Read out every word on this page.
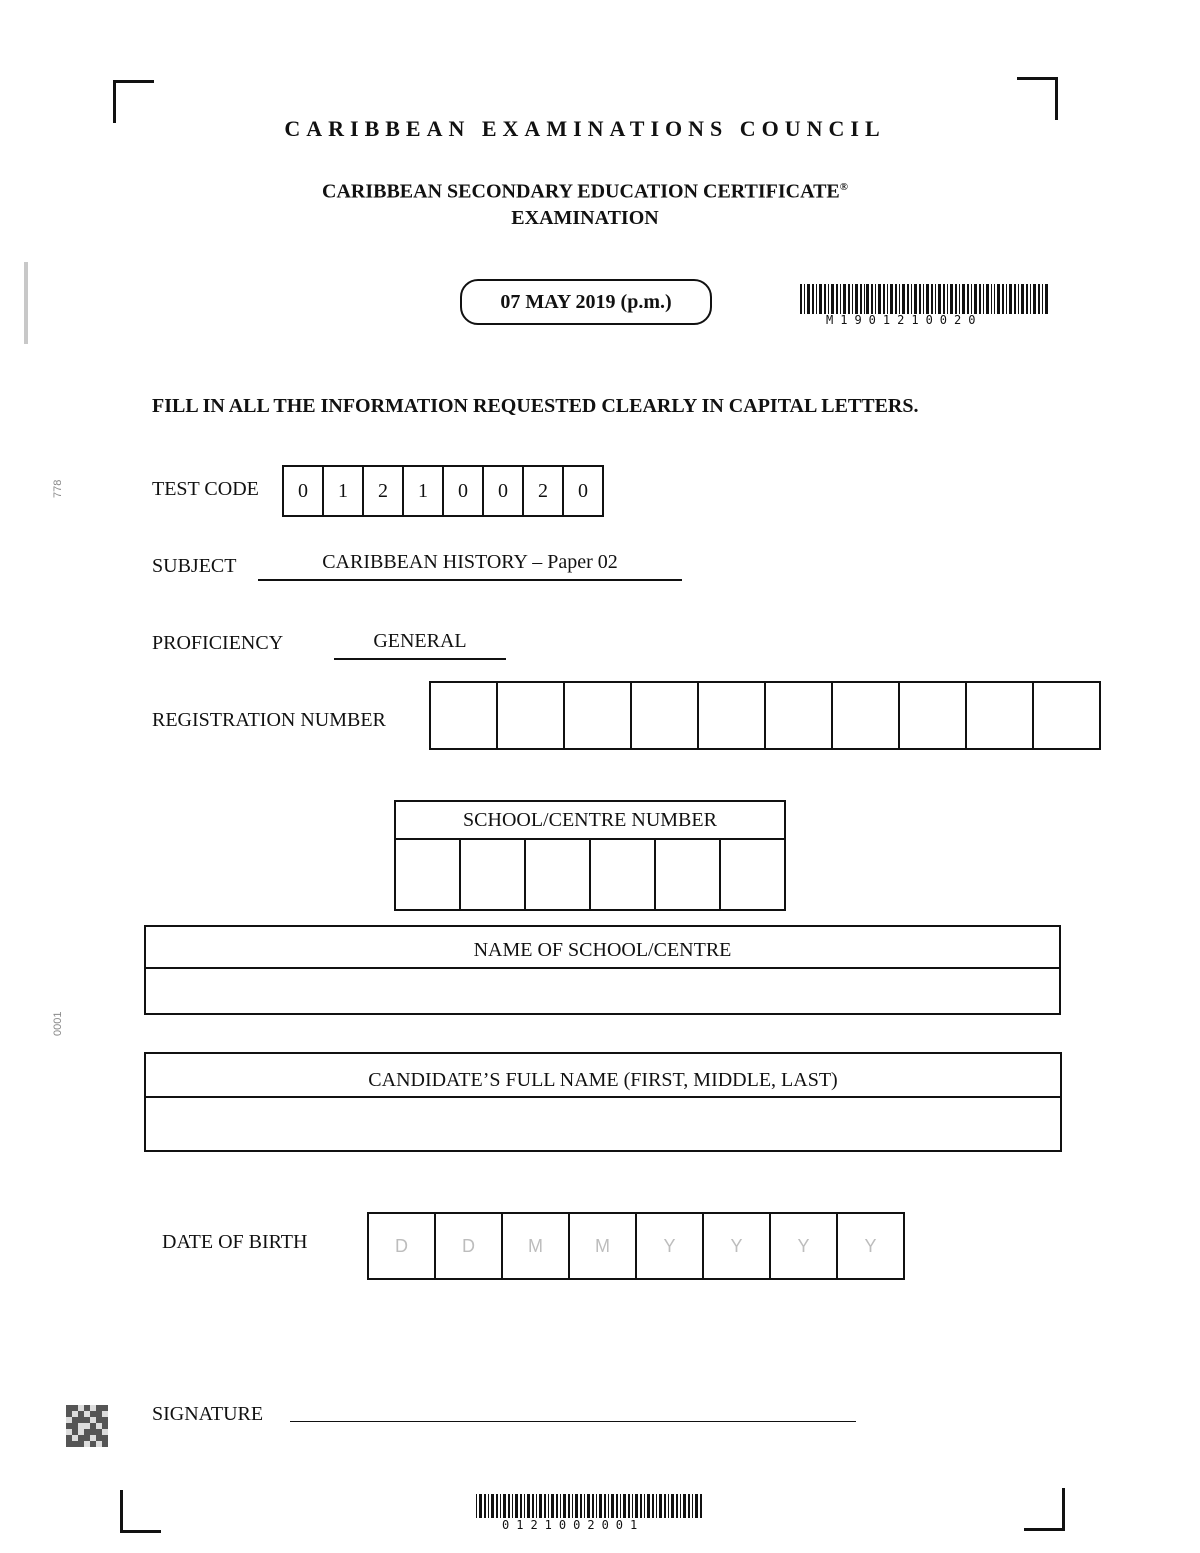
778
0001
CARIBBEAN EXAMINATIONS COUNCIL
CARIBBEAN SECONDARY EDUCATION CERTIFICATE®
EXAMINATION
07 MAY 2019 (p.m.)
M1901210020
FILL IN ALL THE INFORMATION REQUESTED CLEARLY IN CAPITAL LETTERS.
TEST CODE	0	1	2	1	0	0	2	0
SUBJECT	CARIBBEAN HISTORY – Paper 02
PROFICIENCY	GENERAL
REGISTRATION NUMBER
SCHOOL/CENTRE NUMBER
NAME OF SCHOOL/CENTRE
CANDIDATE’S FULL NAME (FIRST, MIDDLE, LAST)
DATE OF BIRTH	D	D	M	M	Y	Y	Y	Y
SIGNATURE
0121002001
